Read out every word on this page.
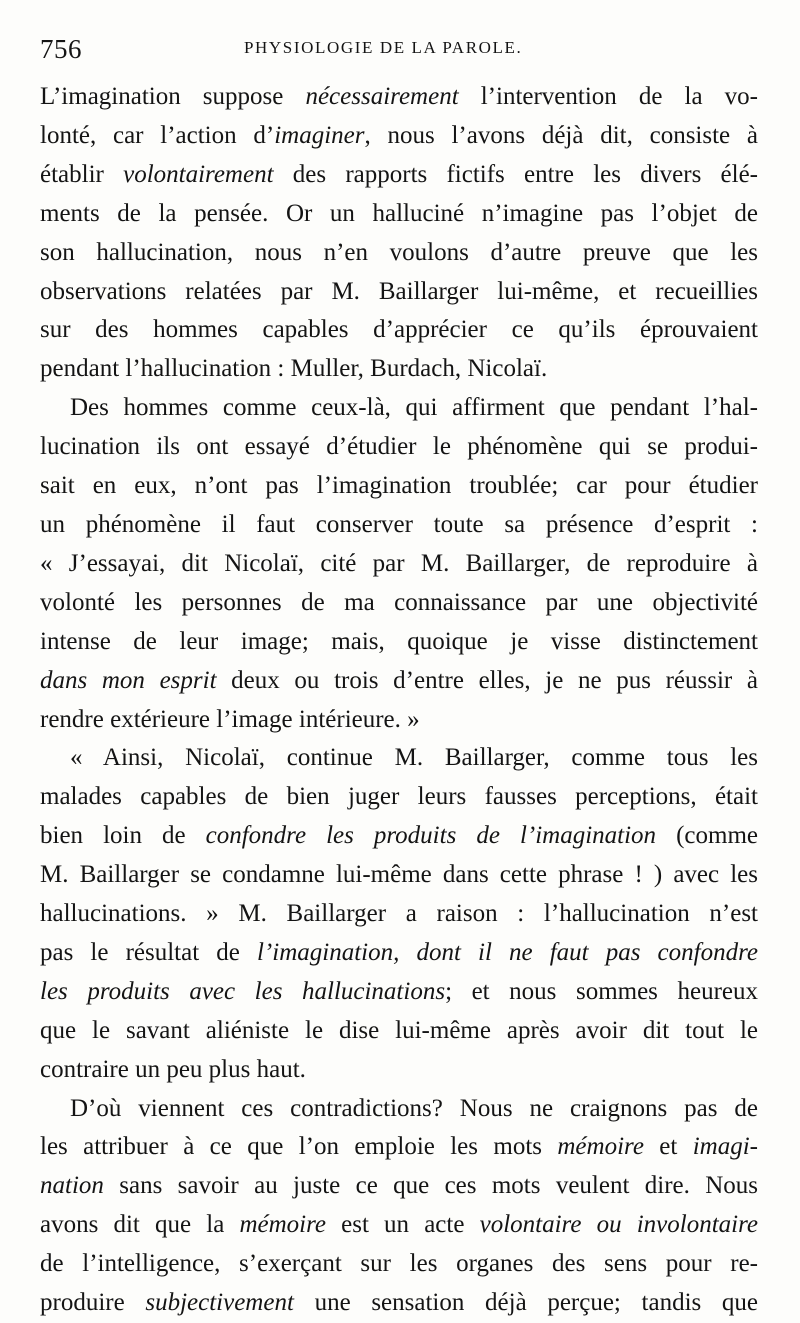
756	PHYSIOLOGIE DE LA PAROLE.

L’imagination suppose nécessairement l’intervention de la vo-
lonté, car l’action d’imaginer, nous l’avons déjà dit, consiste à
établir volontairement des rapports fictifs entre les divers élé-
ments de la pensée. Or un halluciné n’imagine pas l’objet de
son hallucination, nous n’en voulons d’autre preuve que les
observations relatées par M. Baillarger lui-même, et recueillies
sur des hommes capables d’apprécier ce qu’ils éprouvaient
pendant l’hallucination : Muller, Burdach, Nicolaï.

Des hommes comme ceux-là, qui affirment que pendant l’hal-
lucination ils ont essayé d’étudier le phénomène qui se produi-
sait en eux, n’ont pas l’imagination troublée; car pour étudier
un phénomène il faut conserver toute sa présence d’esprit :
« J’essayai, dit Nicolaï, cité par M. Baillarger, de reproduire à
volonté les personnes de ma connaissance par une objectivité
intense de leur image; mais, quoique je visse distinctement
dans mon esprit deux ou trois d’entre elles, je ne pus réussir à
rendre extérieure l’image intérieure. »

« Ainsi, Nicolaï, continue M. Baillarger, comme tous les
malades capables de bien juger leurs fausses perceptions, était
bien loin de confondre les produits de l’imagination (comme
M. Baillarger se condamne lui-même dans cette phrase ! ) avec les
hallucinations. » M. Baillarger a raison : l’hallucination n’est
pas le résultat de l’imagination, dont il ne faut pas confondre
les produits avec les hallucinations; et nous sommes heureux
que le savant aliéniste le dise lui-même après avoir dit tout le
contraire un peu plus haut.

D’où viennent ces contradictions? Nous ne craignons pas de
les attribuer à ce que l’on emploie les mots mémoire et imagi-
nation sans savoir au juste ce que ces mots veulent dire. Nous
avons dit que la mémoire est un acte volontaire ou involontaire
de l’intelligence, s’exerçant sur les organes des sens pour re-
produire subjectivement une sensation déjà perçue; tandis que
